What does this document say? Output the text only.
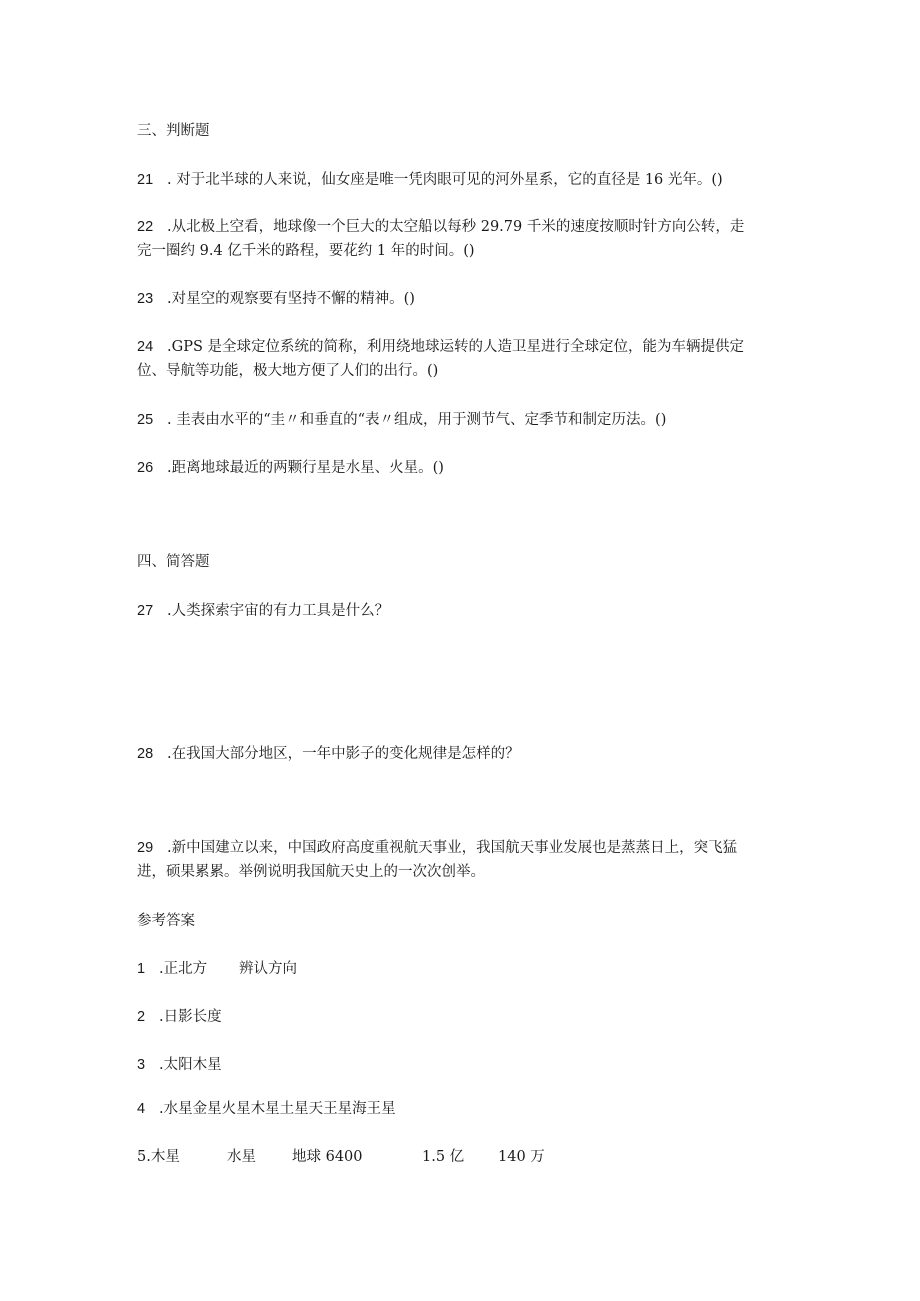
三、判断题
21 . 对于北半球的人来说，仙女座是唯一凭肉眼可见的河外星系，它的直径是 16 光年。()
22 .从北极上空看，地球像一个巨大的太空船以每秒 29.79 千米的速度按顺时针方向公转，走
完一圈约 9.4 亿千米的路程，要花约 1 年的时间。()
23 .对星空的观察要有坚持不懈的精神。()
24 .GPS 是全球定位系统的简称，利用绕地球运转的人造卫星进行全球定位，能为车辆提供定
位、导航等功能，极大地方便了人们的出行。()
25 . 圭表由水平的“圭〃和垂直的“表〃组成，用于测节气、定季节和制定历法。()
26 .距离地球最近的两颗行星是水星、火星。()
四、简答题
27 .人类探索宇宙的有力工具是什么？
28 .在我国大部分地区，一年中影子的变化规律是怎样的？
29 .新中国建立以来，中国政府高度重视航天事业，我国航天事业发展也是蒸蒸日上，突飞猛
进，硕果累累。举例说明我国航天史上的一次次创举。
参考答案
1 .正北方 辨认方向
2 .日影长度
3 .太阳木星
4 .水星金星火星木星土星天王星海王星
5.木星	水星 地球 6400	1.5 亿 140 万
